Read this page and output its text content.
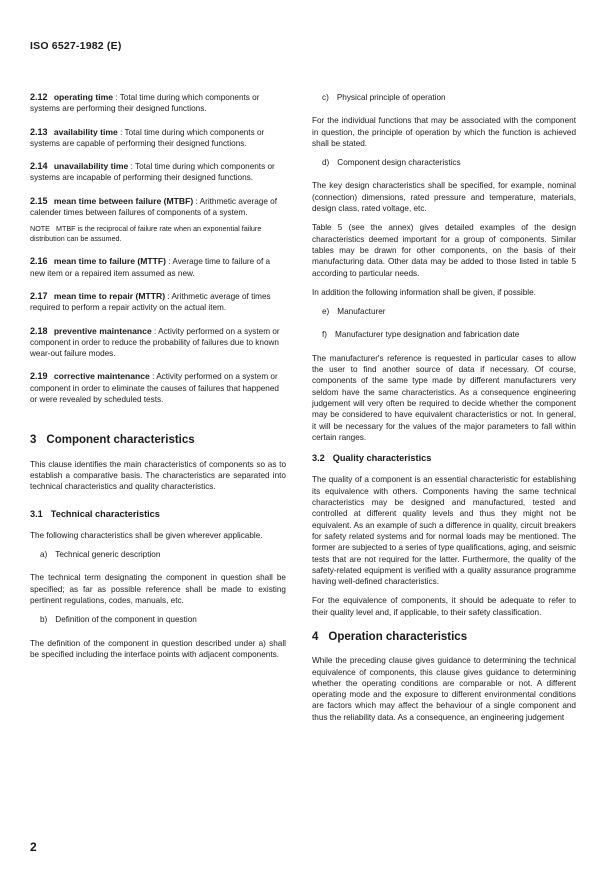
ISO 6527-1982 (E)
2.12 operating time : Total time during which components or systems are performing their designed functions.
2.13 availability time : Total time during which components or systems are capable of performing their designed functions.
2.14 unavailability time : Total time during which components or systems are incapable of performing their designed functions.
2.15 mean time between failure (MTBF) : Arithmetic average of calender times between failures of components of a system.
NOTE MTBF is the reciprocal of failure rate when an exponential failure distribution can be assumed.
2.16 mean time to failure (MTTF) : Average time to failure of a new item or a repaired item assumed as new.
2.17 mean time to repair (MTTR) : Arithmetic average of times required to perform a repair activity on the actual item.
2.18 preventive maintenance : Activity performed on a system or component in order to reduce the probability of failures due to known wear-out failure modes.
2.19 corrective maintenance : Activity performed on a system or component in order to eliminate the causes of failures that happened or were revealed by scheduled tests.
3 Component characteristics

This clause identifies the main characteristics of components so as to establish a comparative basis. The characteristics are separated into technical characteristics and quality characteristics.

3.1 Technical characteristics

The following characteristics shall be given wherever applicable.

a) Technical generic description

The technical term designating the component in question shall be specified; as far as possible reference shall be made to existing pertinent regulations, codes, manuals, etc.

b) Definition of the component in question

The definition of the component in question described under a) shall be specified including the interface points with adjacent components.

c) Physical principle of operation

For the individual functions that may be associated with the component in question, the principle of operation by which the function is achieved shall be stated.

d) Component design characteristics

The key design characteristics shall be specified, for example, nominal (connection) dimensions, rated pressure and temperature, materials, design class, rated voltage, etc.

Table 5 (see the annex) gives detailed examples of the design characteristics deemed important for a group of components. Similar tables may be drawn for other components, on the basis of their manufacturing data. Other data may be added to those listed in table 5 according to particular needs.

In addition the following information shall be given, if possible.

e) Manufacturer
f) Manufacturer type designation and fabrication date

The manufacturer's reference is requested in particular cases to allow the user to find another source of data if necessary. Of course, components of the same type made by different manufacturers very seldom have the same characteristics. As a consequence engineering judgement will very often be required to decide whether the component may be considered to have equivalent characteristics or not. In general, it will be necessary for the values of the major parameters to fall within certain ranges.

3.2 Quality characteristics

The quality of a component is an essential characteristic for establishing its equivalence with others. Components having the same technical characteristics may be designed and manufactured, tested and controlled at different quality levels and thus they might not be equivalent. As an example of such a difference in quality, circuit breakers for safety related systems and for normal loads may be mentioned. The former are subjected to a series of type qualifications, aging, and seismic tests that are not required for the latter. Furthermore, the quality of the safety-related equipment is verified with a quality assurance programme having well-defined characteristics.

For the equivalence of components, it should be adequate to refer to their quality level and, if applicable, to their safety classification.

4 Operation characteristics

While the preceding clause gives guidance to determining the technical equivalence of components, this clause gives guidance to determining whether the operating conditions are comparable or not. A different operating mode and the exposure to different environmental conditions are factors which may affect the behaviour of a single component and thus the reliability data. As a consequence, an engineering judgement

2
